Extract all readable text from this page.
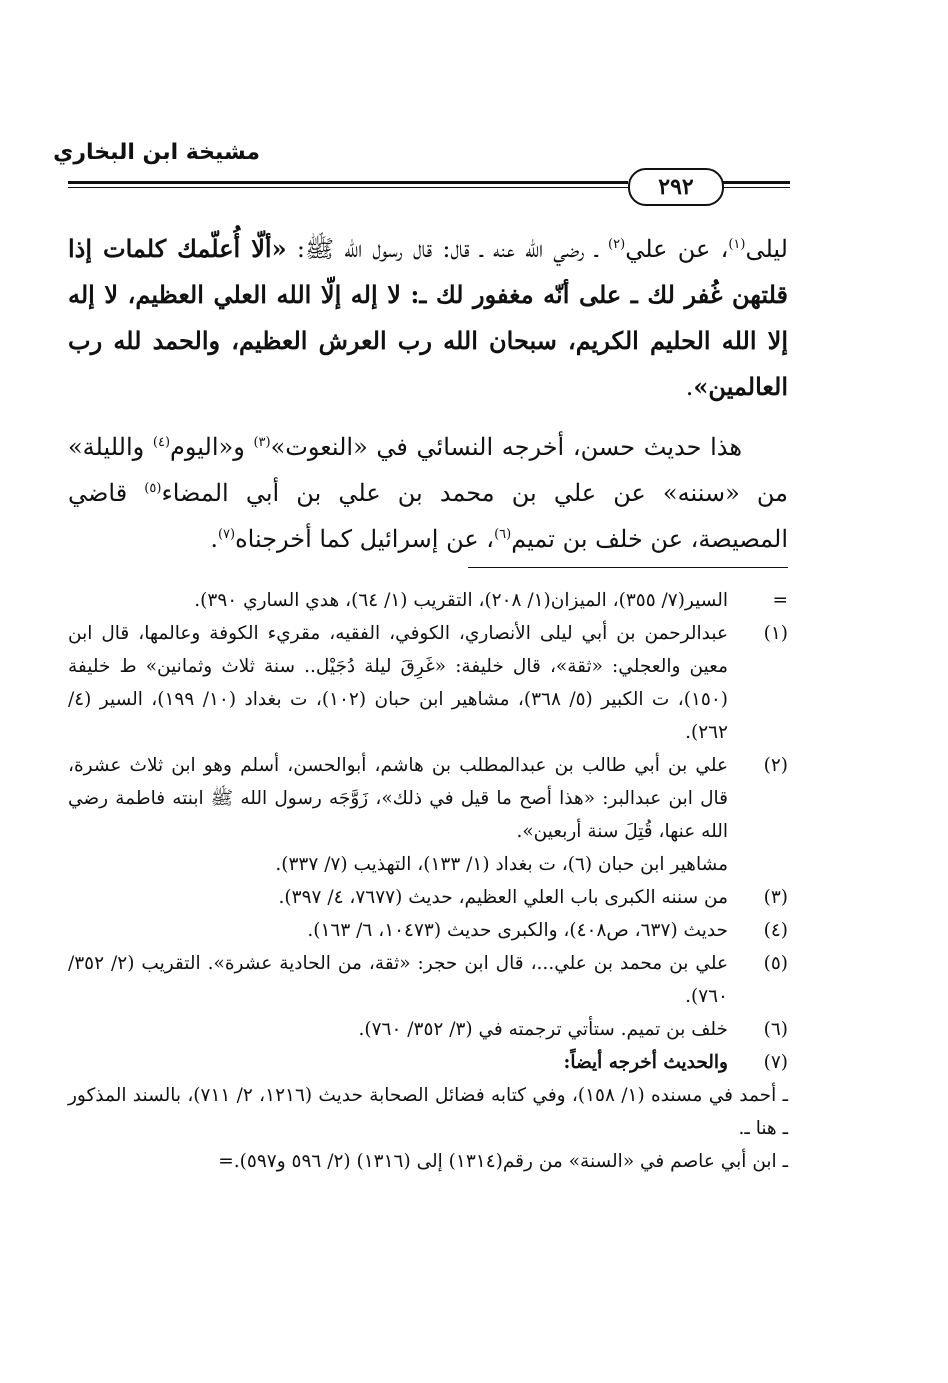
مشيخة ابن البخاري
٢٩٢

ليلى$^{(١)}$، عن علي$^{(٢)}$ ـ رضي الله عنه ـ قال: قال رسول الله ﷺ: «ألّا أُعلّمك كلمات إذا قلتهن غُفر لك ـ على أنّه مغفور لك ـ: لا إله إلّا الله العلي العظيم، لا إله إلا الله الحليم الكريم، سبحان الله رب العرش العظيم، والحمد لله رب العالمين».

هذا حديث حسن، أخرجه النسائي في «النعوت»$^{(٣)}$ و«اليوم$^{(٤)}$ والليلة» من «سننه» عن علي بن محمد بن علي بن أبي المضاء$^{(٥)}$ قاضي المصيصة، عن خلف بن تميم$^{(٦)}$، عن إسرائيل كما أخرجناه$^{(٧)}$.

=
السير(٧/ ٣٥٥)، الميزان(١/ ٢٠٨)، التقريب (١/ ٦٤)، هدي الساري ٣٩٠).
(١)
عبدالرحمن بن أبي ليلى الأنصاري، الكوفي، الفقيه، مقريء الكوفة وعالمها، قال ابن معين والعجلي: «ثقة»، قال خليفة: «غَرِقَ ليلة دُجَيْل.. سنة ثلاث وثمانين» ط خليفة (١٥٠)، ت الكبير (٥/ ٣٦٨)، مشاهير ابن حبان (١٠٢)، ت بغداد (١٠/ ١٩٩)، السير (٤/ ٢٦٢).
(٢)
علي بن أبي طالب بن عبدالمطلب بن هاشم، أبوالحسن، أسلم وهو ابن ثلاث عشرة، قال ابن عبدالبر: «هذا أصح ما قيل في ذلك»، زَوَّجَه رسول الله ﷺ ابنته فاطمة رضي الله عنها، قُتِلَ سنة أربعين».
مشاهير ابن حبان (٦)، ت بغداد (١/ ١٣٣)، التهذيب (٧/ ٣٣٧).
(٣)
من سننه الكبرى باب العلي العظيم، حديث (٧٦٧٧، ٤/ ٣٩٧).
(٤)
حديث (٦٣٧، ص٤٠٨)، والكبرى حديث (١٠٤٧٣، ٦/ ١٦٣).
(٥)
علي بن محمد بن علي...، قال ابن حجر: «ثقة، من الحادية عشرة». التقريب (٢/ ٣٥٢/ ٧٦٠).
(٦)
خلف بن تميم. ستأتي ترجمته في (٣/ ٣٥٢/ ٧٦٠).
(٧)
والحديث أخرجه أيضاً:
ـ أحمد في مسنده (١/ ١٥٨)، وفي كتابه فضائل الصحابة حديث (١٢١٦، ٢/ ٧١١)، بالسند المذكور ـ هنا ـ.
ـ ابن أبي عاصم في «السنة» من رقم(١٣١٤) إلى (١٣١٦) (٢/ ٥٩٦ و٥٩٧).=
